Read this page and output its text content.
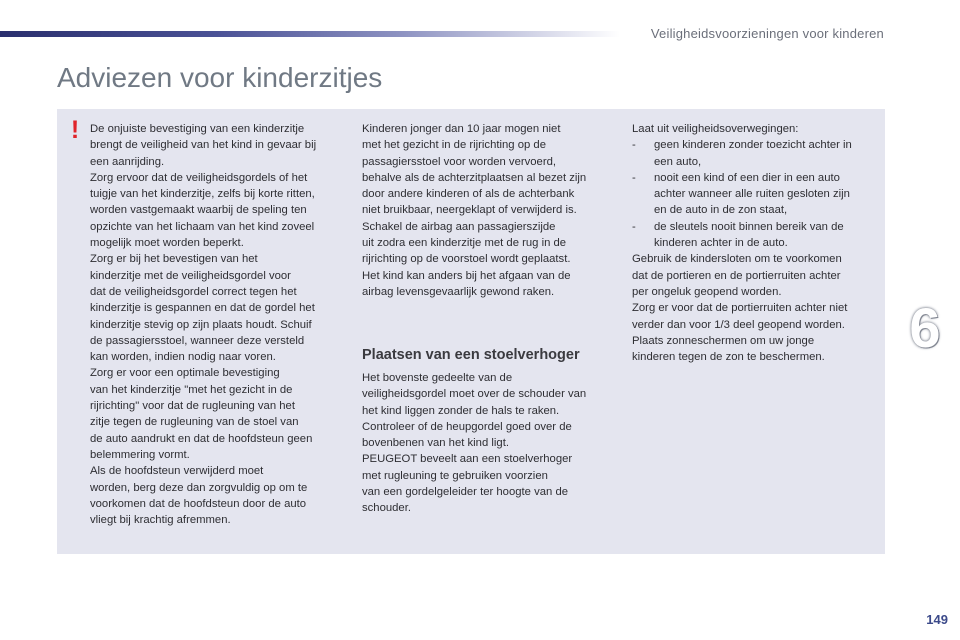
Veiligheidsvoorzieningen voor kinderen
Adviezen voor kinderzitjes
! De onjuiste bevestiging van een kinderzitje
brengt de veiligheid van het kind in gevaar bij
een aanrijding.
Zorg ervoor dat de veiligheidsgordels of het
tuigje van het kinderzitje, zelfs bij korte ritten,
worden vastgemaakt waarbij de speling ten
opzichte van het lichaam van het kind zoveel
mogelijk moet worden beperkt.
Zorg er bij het bevestigen van het
kinderzitje met de veiligheidsgordel voor
dat de veiligheidsgordel correct tegen het
kinderzitje is gespannen en dat de gordel het
kinderzitje stevig op zijn plaats houdt. Schuif
de passagiersstoel, wanneer deze versteld
kan worden, indien nodig naar voren.
Zorg er voor een optimale bevestiging
van het kinderzitje "met het gezicht in de
rijrichting" voor dat de rugleuning van het
zitje tegen de rugleuning van de stoel van
de auto aandrukt en dat de hoofdsteun geen
belemmering vormt.
Als de hoofdsteun verwijderd moet
worden, berg deze dan zorgvuldig op om te
voorkomen dat de hoofdsteun door de auto
vliegt bij krachtig afremmen.

Kinderen jonger dan 10 jaar mogen niet
met het gezicht in de rijrichting op de
passagiersstoel voor worden vervoerd,
behalve als de achterzitplaatsen al bezet zijn
door andere kinderen of als de achterbank
niet bruikbaar, neergeklapt of verwijderd is.
Schakel de airbag aan passagierszijde
uit zodra een kinderzitje met de rug in de
rijrichting op de voorstoel wordt geplaatst.
Het kind kan anders bij het afgaan van de
airbag levensgevaarlijk gewond raken.

Plaatsen van een stoelverhoger

Het bovenste gedeelte van de
veiligheidsgordel moet over de schouder van
het kind liggen zonder de hals te raken.
Controleer of de heupgordel goed over de
bovenbenen van het kind ligt.
PEUGEOT beveelt aan een stoelverhoger
met rugleuning te gebruiken voorzien
van een gordelgeleider ter hoogte van de
schouder.

Laat uit veiligheidsoverwegingen:

- geen kinderen zonder toezicht achter in
een auto,

- nooit een kind of een dier in een auto
achter wanneer alle ruiten gesloten zijn
en de auto in de zon staat,

- de sleutels nooit binnen bereik van de
kinderen achter in de auto.

Gebruik de kindersloten om te voorkomen
dat de portieren en de portierruiten achter
per ongeluk geopend worden.
Zorg er voor dat de portierruiten achter niet
verder dan voor 1/3 deel geopend worden.
Plaats zonneschermen om uw jonge
kinderen tegen de zon te beschermen.	6
149
